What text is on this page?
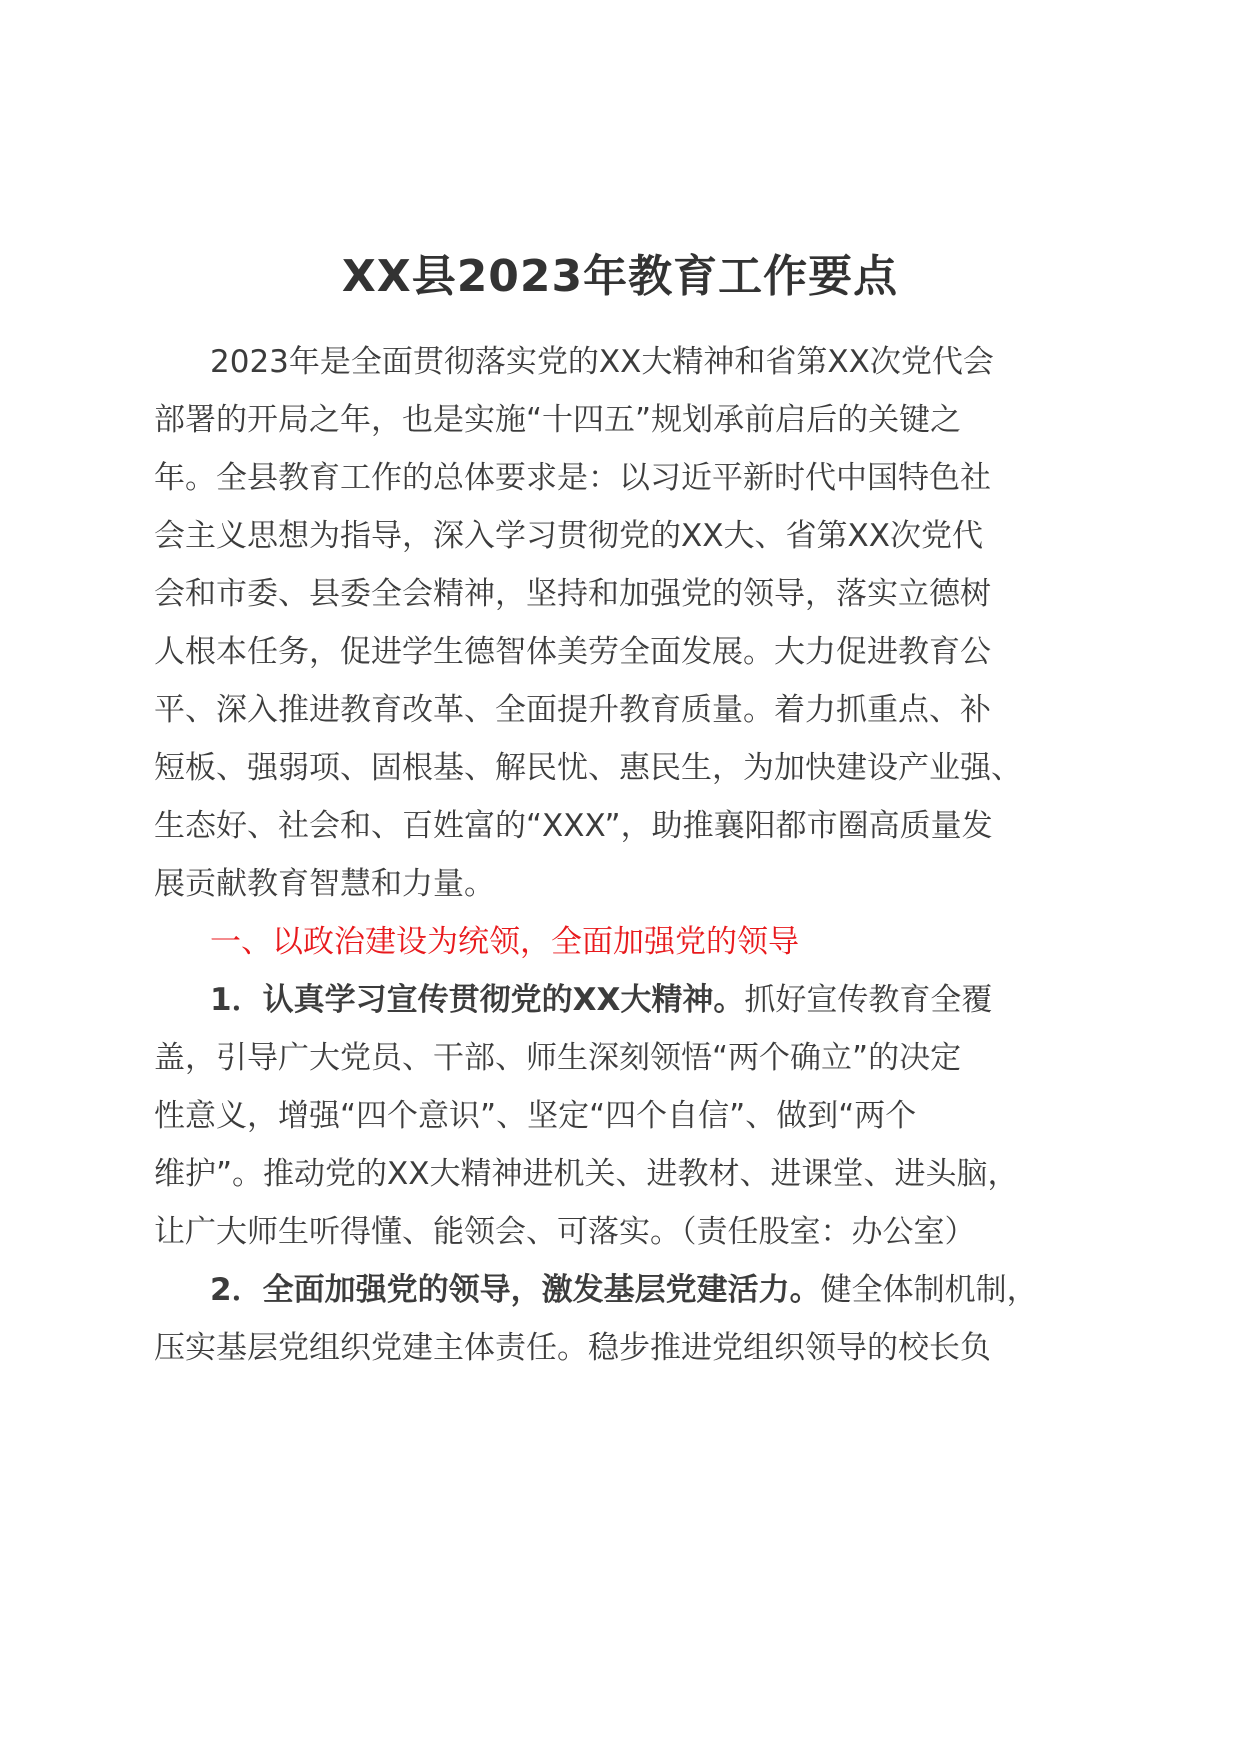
XX县2023年教育工作要点
2023年是全面贯彻落实党的XX大精神和省第XX次党代会
部署的开局之年，也是实施“十四五”规划承前启后的关键之
年。全县教育工作的总体要求是：以习近平新时代中国特色社
会主义思想为指导，深入学习贯彻党的XX大、省第XX次党代
会和市委、县委全会精神，坚持和加强党的领导，落实立德树
人根本任务，促进学生德智体美劳全面发展。大力促进教育公
平、深入推进教育改革、全面提升教育质量。着力抓重点、补
短板、强弱项、固根基、解民忧、惠民生，为加快建设产业强、
生态好、社会和、百姓富的“XXX”，助推襄阳都市圈高质量发
展贡献教育智慧和力量。
一、以政治建设为统领，全面加强党的领导
1．认真学习宣传贯彻党的XX大精神。抓好宣传教育全覆
盖，引导广大党员、干部、师生深刻领悟“两个确立”的决定
性意义，增强“四个意识”、坚定“四个自信”、做到“两个
维护”。推动党的XX大精神进机关、进教材、进课堂、进头脑，
让广大师生听得懂、能领会、可落实。（责任股室：办公室）
2．全面加强党的领导，激发基层党建活力。健全体制机制，
压实基层党组织党建主体责任。稳步推进党组织领导的校长负
